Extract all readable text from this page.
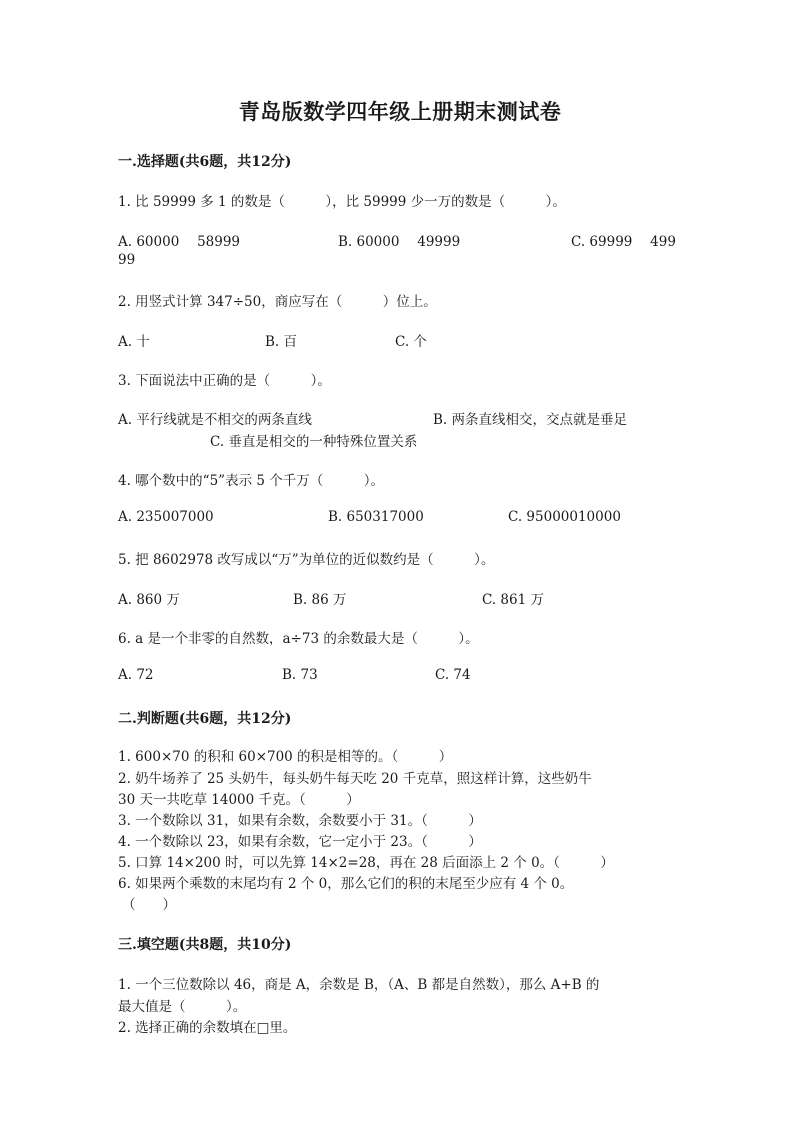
青岛版数学四年级上册期末测试卷
一.选择题(共6题，共12分)
1. 比 59999 多 1 的数是（　　　），比 59999 少一万的数是（　　　）。
A. 60000　 58999	B. 60000　 49999	C. 69999　 499
99
2. 用竖式计算 347÷50，商应写在（　　　）位上。
A. 十	B. 百	C. 个
3. 下面说法中正确的是（　　　）。
A. 平行线就是不相交的两条直线	B. 两条直线相交，交点就是垂足
C. 垂直是相交的一种特殊位置关系
4. 哪个数中的“5”表示 5 个千万（　　　）。
A. 235007000	B. 650317000	C. 95000010000
5. 把 8602978 改写成以“万”为单位的近似数约是（　　　）。
A. 860 万	B. 86 万	C. 861 万
6. a 是一个非零的自然数，a÷73 的余数最大是（　　　）。
A. 72	B. 73	C. 74
二.判断题(共6题，共12分)
1. 600×70 的积和 60×700 的积是相等的。（　　　）
2. 奶牛场养了 25 头奶牛，每头奶牛每天吃 20 千克草，照这样计算，这些奶牛
30 天一共吃草 14000 千克。（　　　）
3. 一个数除以 31，如果有余数，余数要小于 31。（　　　）
4. 一个数除以 23，如果有余数，它一定小于 23。（　　　）
5. 口算 14×200 时，可以先算 14×2=28，再在 28 后面添上 2 个 0。（　　　）
6. 如果两个乘数的末尾均有 2 个 0，那么它们的积的末尾至少应有 4 个 0。
（　　）
三.填空题(共8题，共10分)
1. 一个三位数除以 46，商是 A，余数是 B，（A、B 都是自然数），那么 A+B 的
最大值是（　　　）。
2. 选择正确的余数填在□里。
